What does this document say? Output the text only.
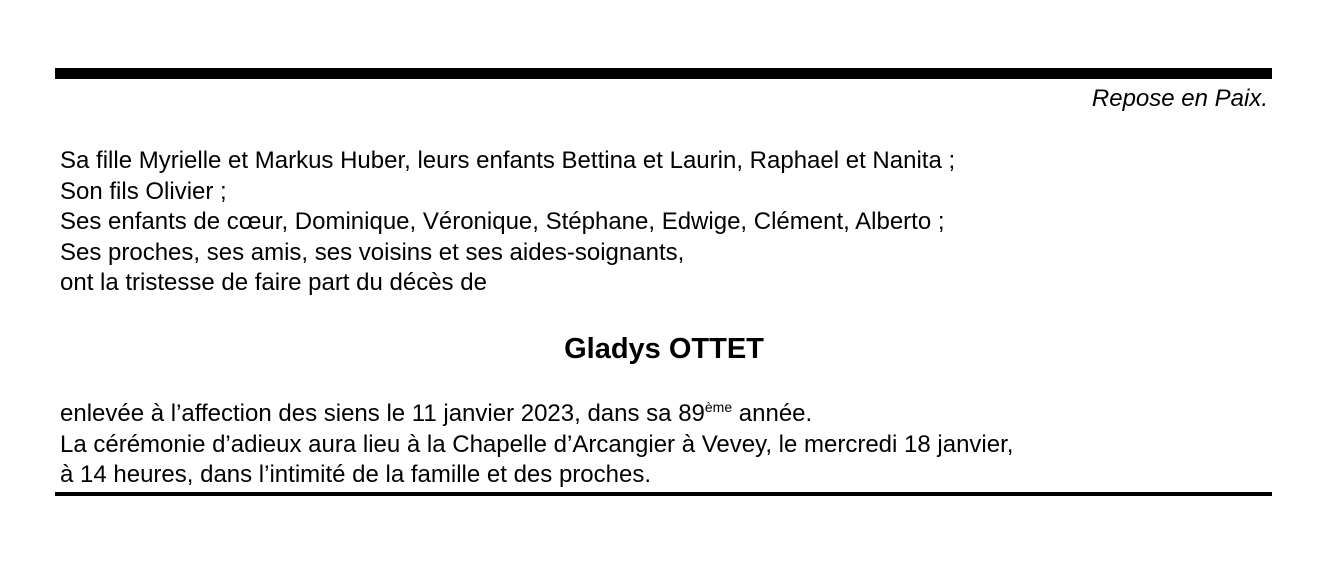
Repose en Paix.
Sa fille Myrielle et Markus Huber, leurs enfants Bettina et Laurin, Raphael et Nanita ;
Son fils Olivier ;
Ses enfants de cœur, Dominique, Véronique, Stéphane, Edwige, Clément, Alberto ;
Ses proches, ses amis, ses voisins et ses aides-soignants,
ont la tristesse de faire part du décès de
Gladys OTTET
enlevée à l’affection des siens le 11 janvier 2023, dans sa 89ème année.
La cérémonie d’adieux aura lieu à la Chapelle d’Arcangier à Vevey, le mercredi 18 janvier,
à 14 heures, dans l’intimité de la famille et des proches.
